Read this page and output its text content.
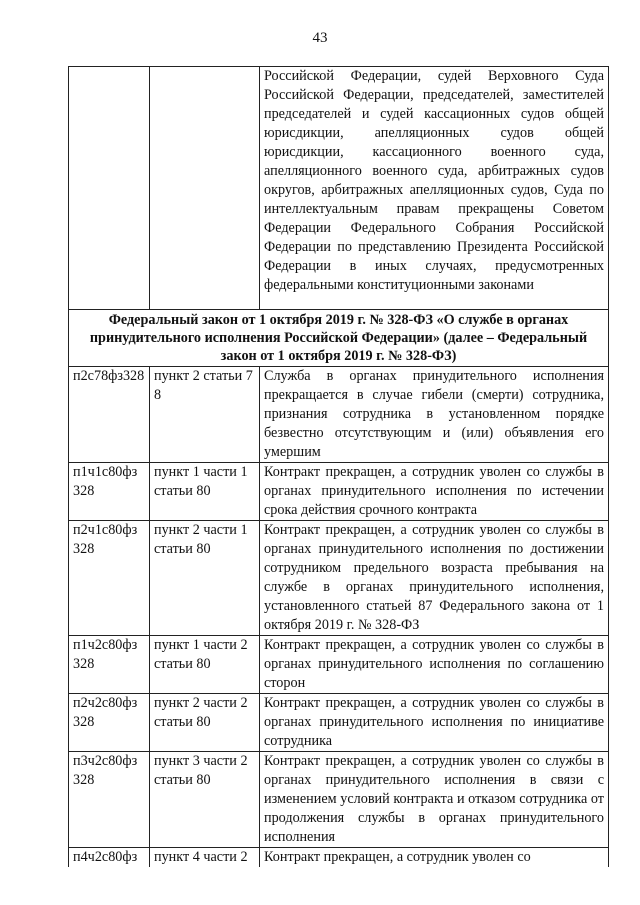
43
		Российской Федерации, судей Верховного Суда Российской Федерации, председателей, заместителей председателей и судей кассационных судов общей юрисдикции, апелляционных судов общей юрисдикции, кассационного военного суда, апелляционного военного суда, арбитражных судов округов, арбитражных апелляционных судов, Суда по интеллектуальным правам прекращены Советом Федерации Федерального Собрания Российской Федерации по представлению Президента Российской Федерации в иных случаях, предусмотренных федеральными конституционными законами
Федеральный закон от 1 октября 2019 г. № 328-ФЗ «О службе в органах принудительного исполнения Российской Федерации» (далее – Федеральный закон от 1 октября 2019 г. № 328-ФЗ)		
п2с78фз328	пункт 2 статьи 78	Служба в органах принудительного исполнения прекращается в случае гибели (смерти) сотрудника, признания сотрудника в установленном порядке безвестно отсутствующим и (или) объявления его умершим
п1ч1с80фз 328	пункт 1 части 1 статьи 80	Контракт прекращен, а сотрудник уволен со службы в органах принудительного исполнения по истечении срока действия срочного контракта
п2ч1с80фз 328	пункт 2 части 1 статьи 80	Контракт прекращен, а сотрудник уволен со службы в органах принудительного исполнения по достижении сотрудником предельного возраста пребывания на службе в органах принудительного исполнения, установленного статьей 87 Федерального закона от 1 октября 2019 г. № 328-ФЗ
п1ч2с80фз 328	пункт 1 части 2 статьи 80	Контракт прекращен, а сотрудник уволен со службы в органах принудительного исполнения по соглашению сторон
п2ч2с80фз 328	пункт 2 части 2 статьи 80	Контракт прекращен, а сотрудник уволен со службы в органах принудительного исполнения по инициативе сотрудника
п3ч2с80фз 328	пункт 3 части 2 статьи 80	Контракт прекращен, а сотрудник уволен со службы в органах принудительного исполнения в связи с изменением условий контракта и отказом сотрудника от продолжения службы в органах принудительного исполнения
п4ч2с80фз	пункт 4 части 2	Контракт прекращен, а сотрудник уволен со
